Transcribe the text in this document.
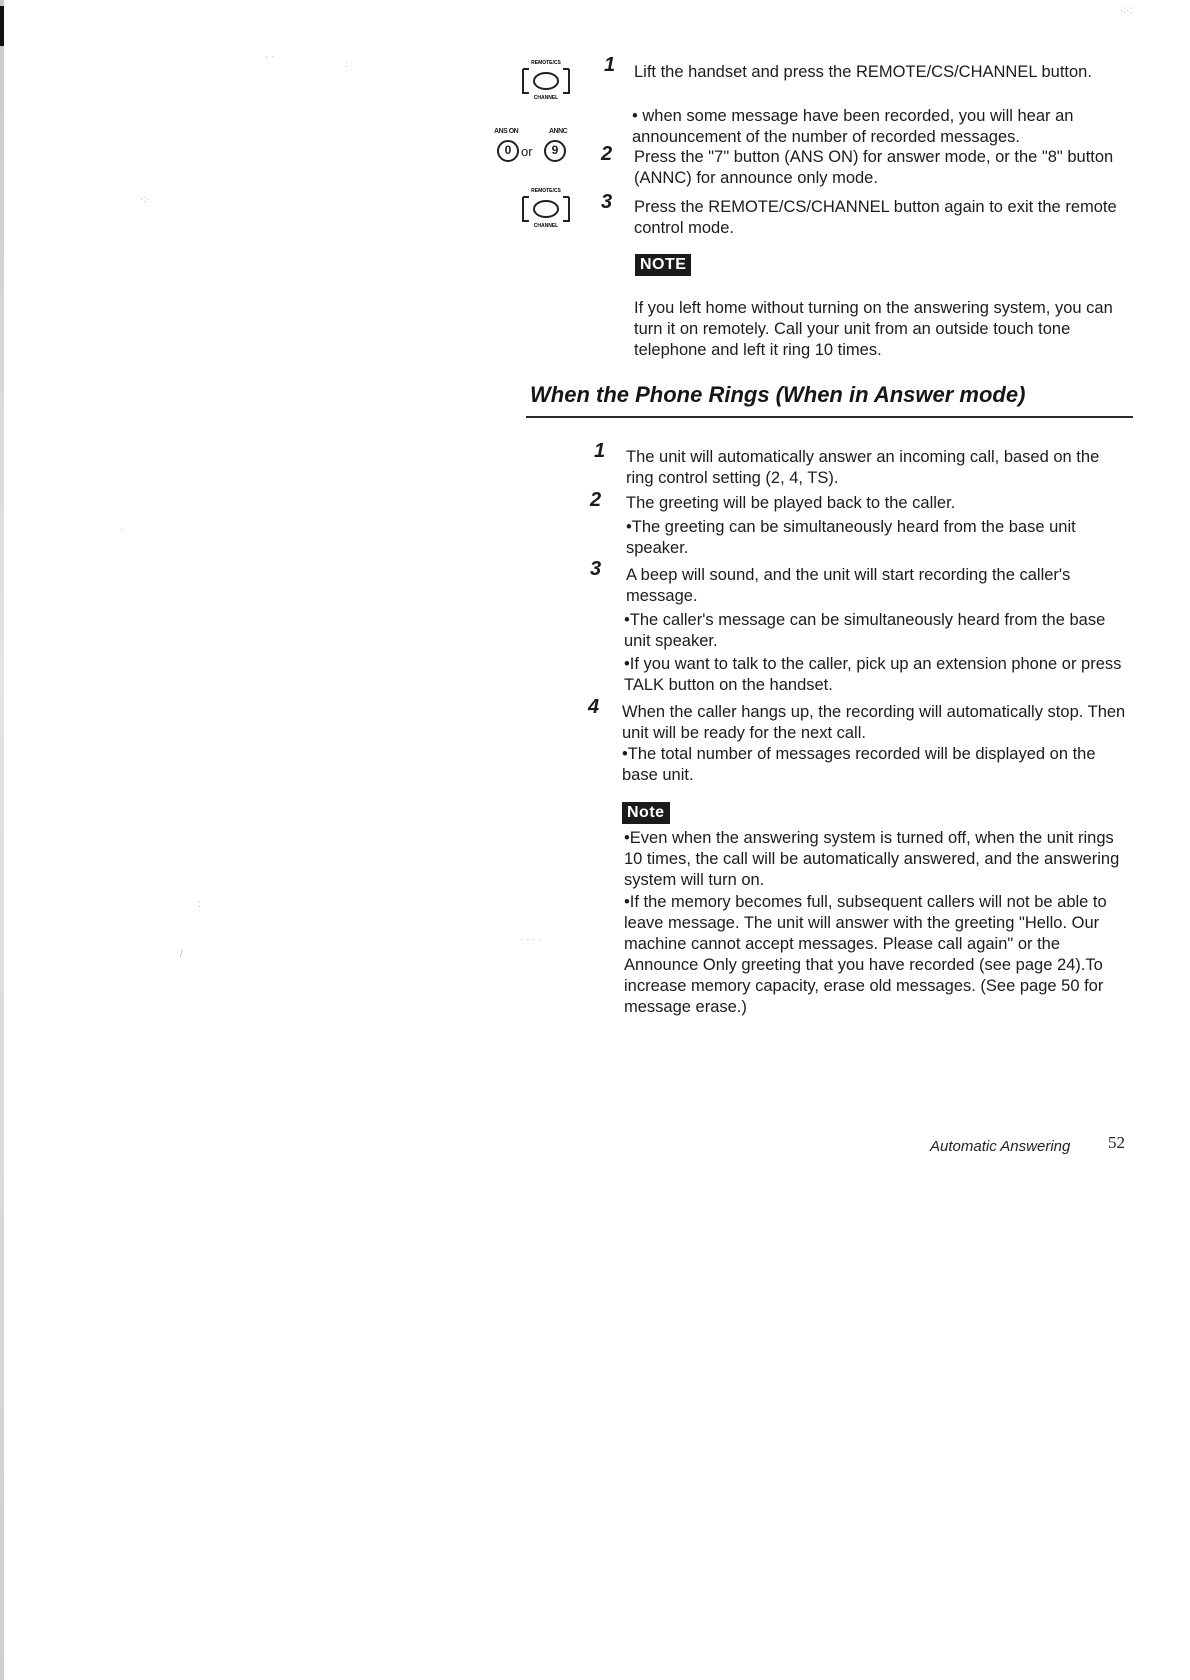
· ·
:
·:·
·
:
/
· · · ·
·:·:
REMOTE/CS
CHANNEL
ANS ON	ANNC
0 or	9
REMOTE/CS
CHANNEL
1 Lift the handset and press the REMOTE/CS/CHANNEL button.
• when some message have been recorded, you will hear an announcement of the number of recorded messages.
2 Press the "7" button (ANS ON) for answer mode, or the "8" button (ANNC) for announce only mode.
3 Press the REMOTE/CS/CHANNEL button again to exit the remote control mode.
NOTE
If you left home without turning on the answering system, you can turn it on remotely. Call your unit from an outside touch tone telephone and left it ring 10 times.
When the Phone Rings (When in Answer mode)
1 The unit will automatically answer an incoming call, based on the ring control setting (2, 4, TS).
2 The greeting will be played back to the caller.
•The greeting can be simultaneously heard from the base unit speaker.
3 A beep will sound, and the unit will start recording the caller's message.
•The caller's message can be simultaneously heard from the base unit speaker.
•If you want to talk to the caller, pick up an extension phone or press TALK button on the handset.
4 When the caller hangs up, the recording will automatically stop. Then unit will be ready for the next call.
•The total number of messages recorded will be displayed on the base unit.
Note
•Even when the answering system is turned off, when the unit rings 10 times, the call will be automatically answered, and the answering system will turn on.
•If the memory becomes full, subsequent callers will not be able to leave message. The unit will answer with the greeting "Hello. Our machine cannot accept messages. Please call again" or the Announce Only greeting that you have recorded (see page 24).To increase memory capacity, erase old messages. (See page 50 for message erase.)
Automatic Answering 52
